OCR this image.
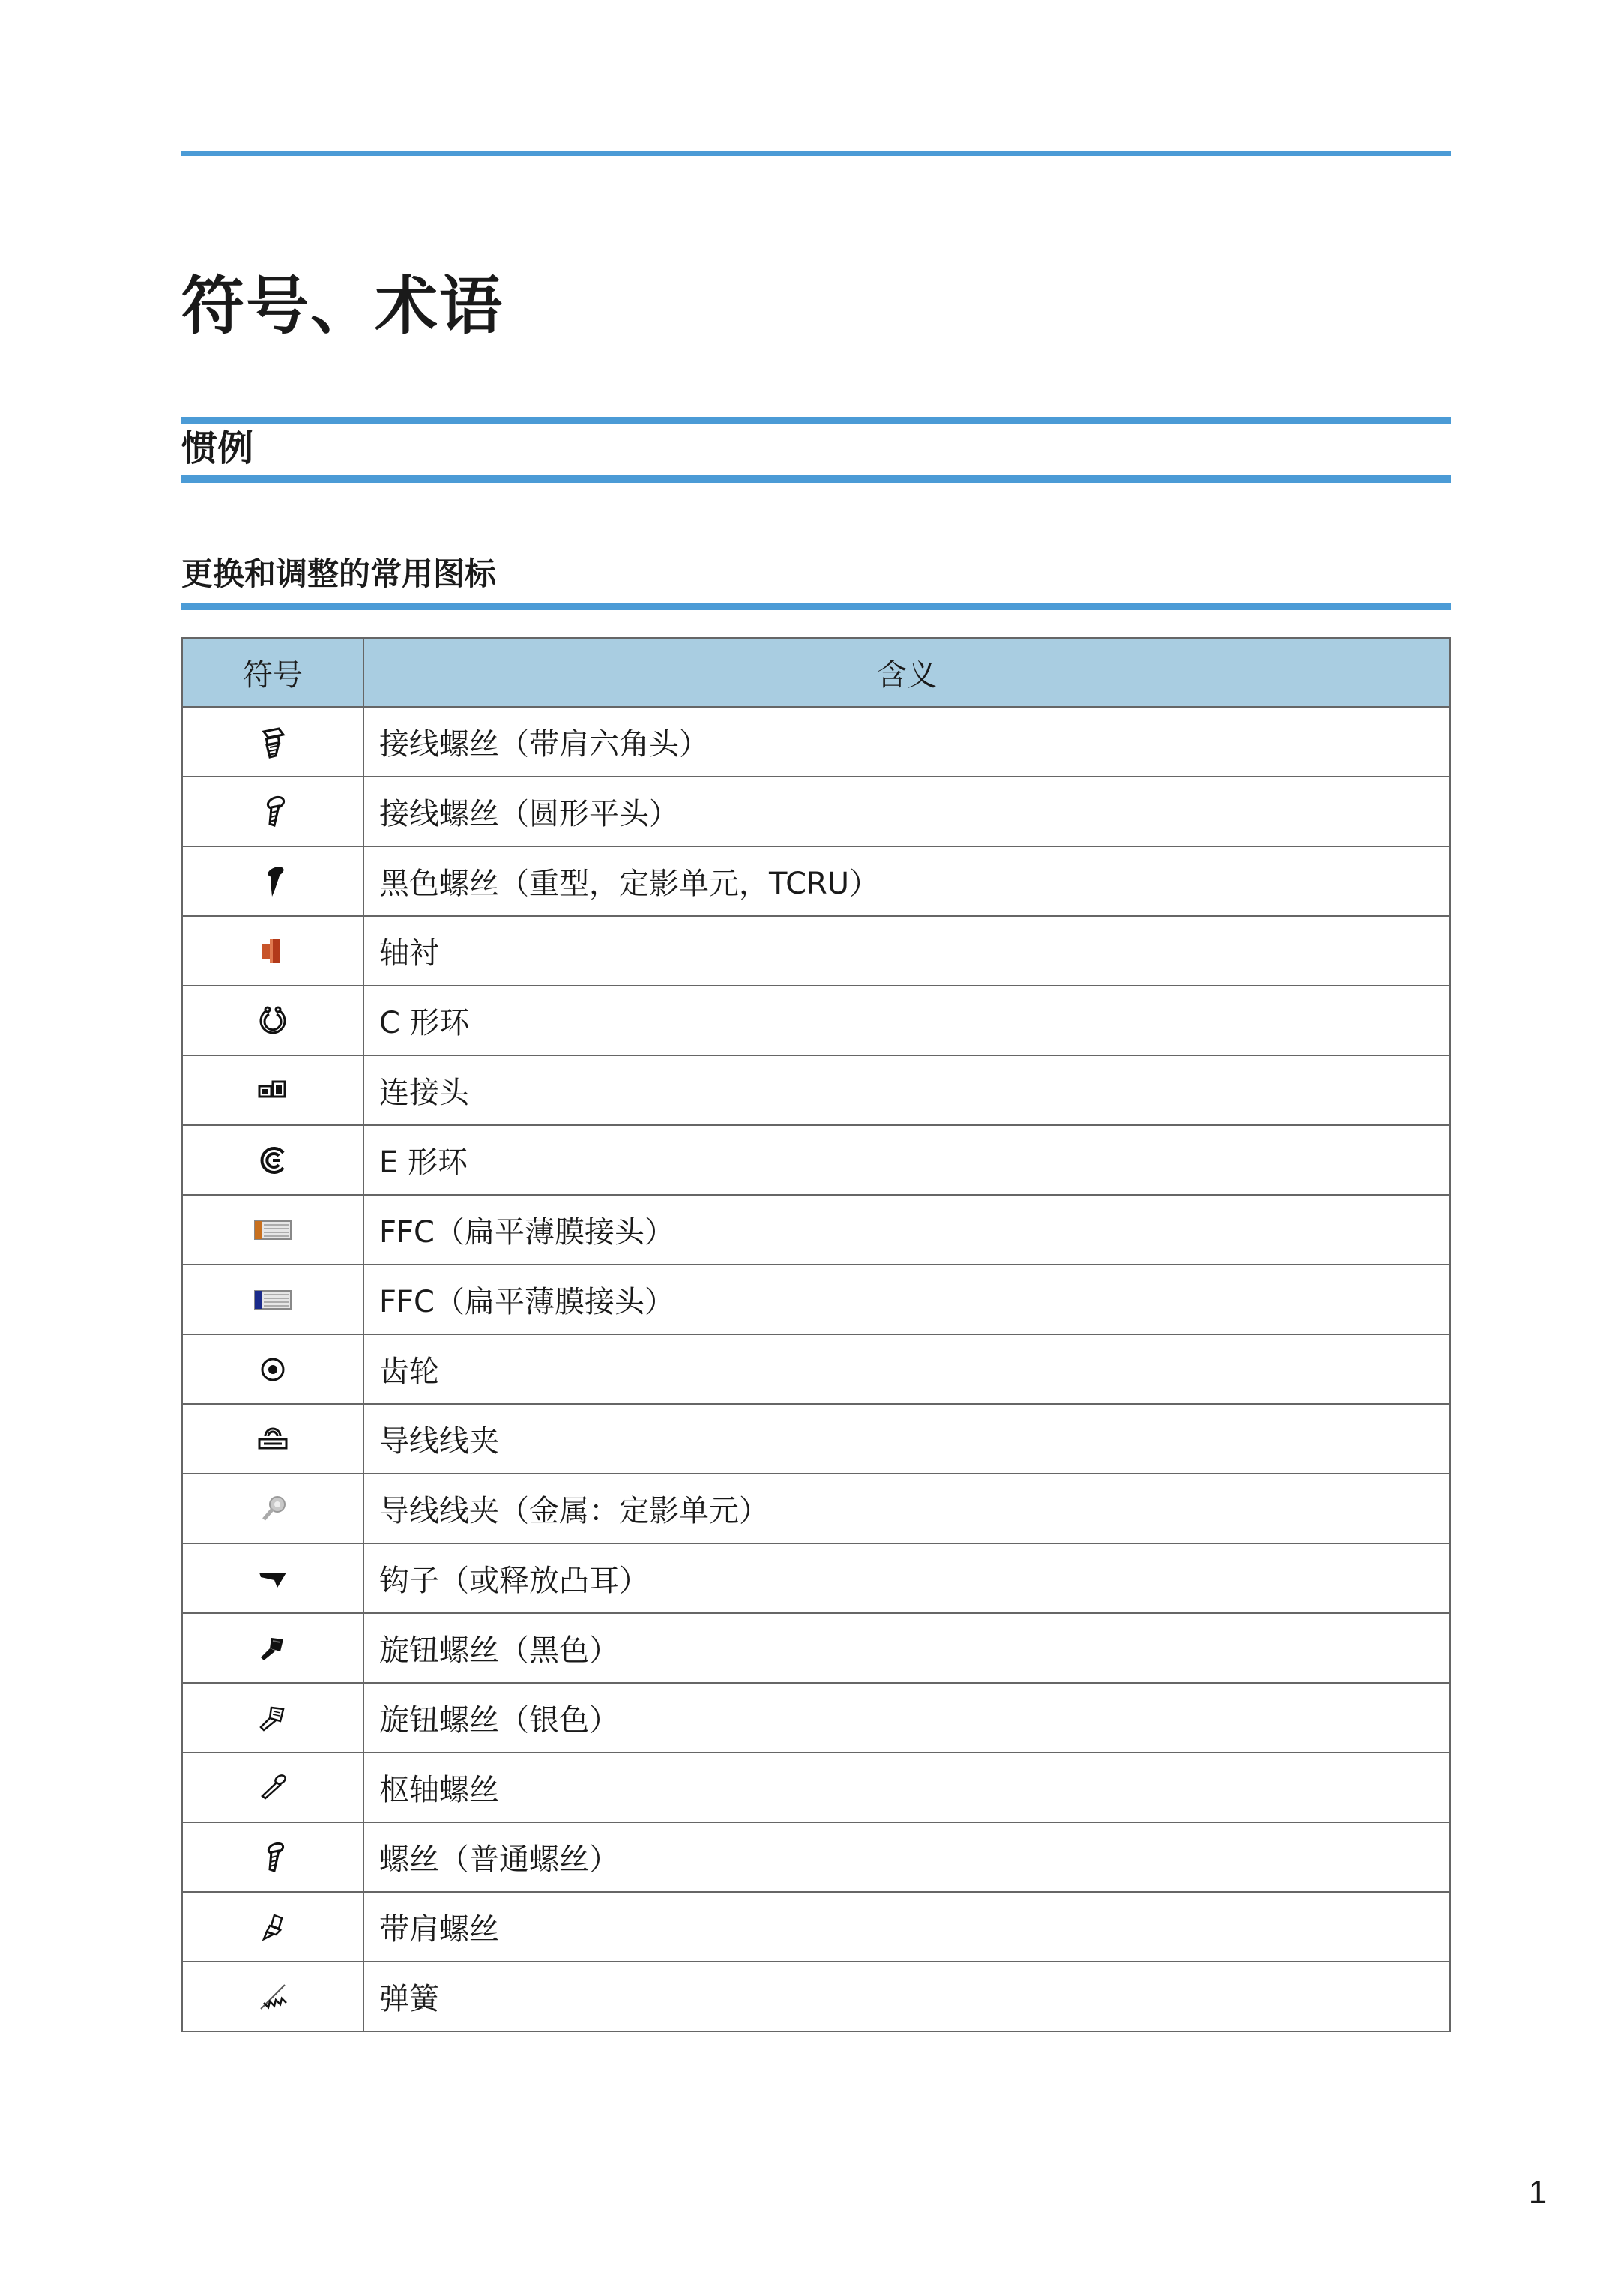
符号、术语
惯例
更换和调整的常用图标
符号	含义
	接线螺丝（带肩六角头）
	接线螺丝（圆形平头）
	黑色螺丝（重型，定影单元，TCRU）
	轴衬
	C 形环
	连接头
	E 形环
	FFC（扁平薄膜接头）
	FFC（扁平薄膜接头）
	齿轮
	导线线夹
	导线线夹（金属：定影单元）
	钩子（或释放凸耳）
	旋钮螺丝（黑色）
	旋钮螺丝（银色）
	枢轴螺丝
	螺丝（普通螺丝）
	带肩螺丝
	弹簧
1
